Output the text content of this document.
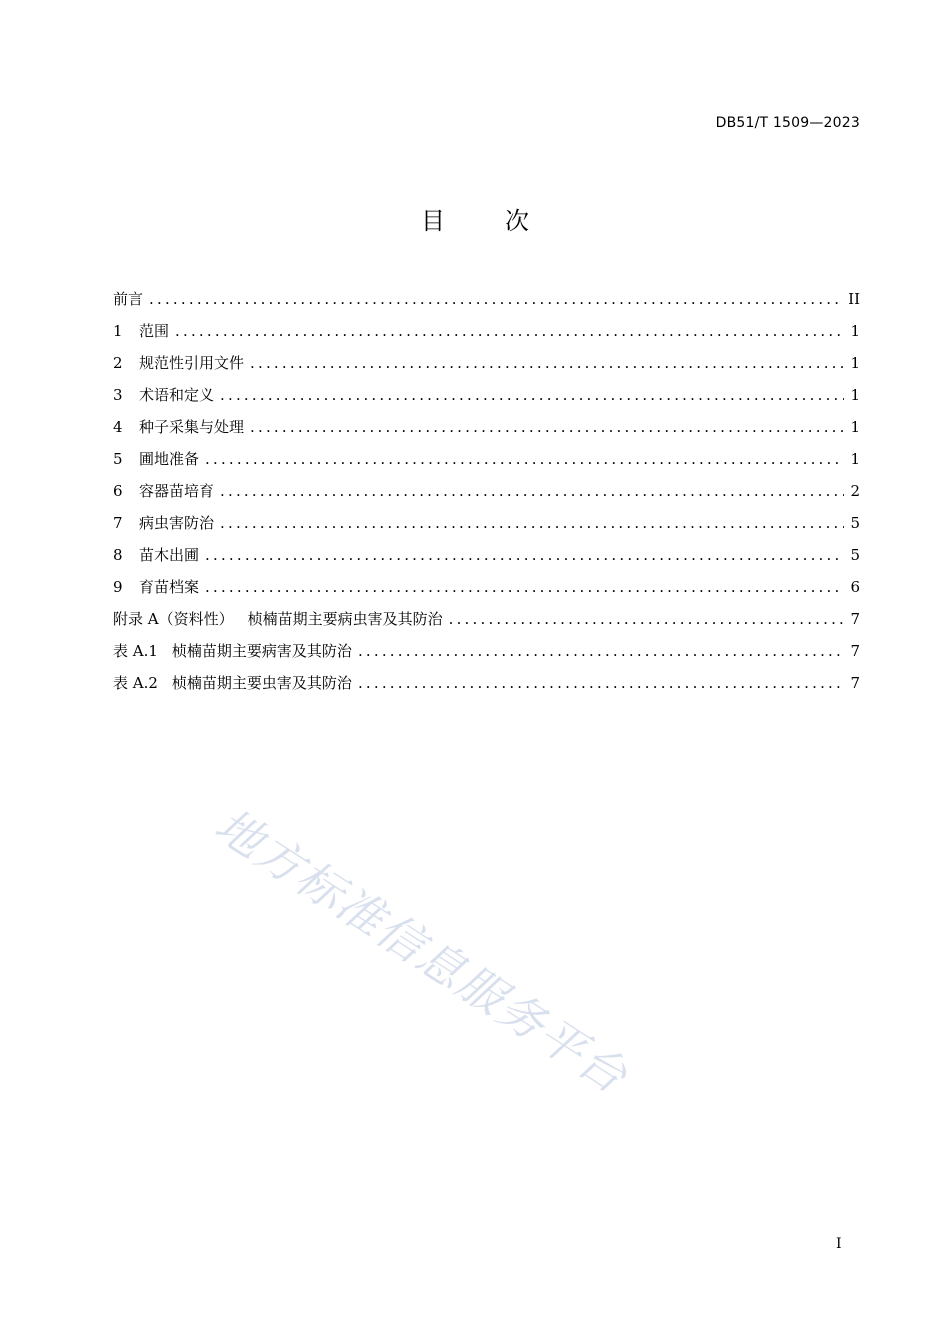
DB51/T 1509—2023
目	次
前言 .....	II
1	范围 .....	1
2	规范性引用文件 .....	1
3	术语和定义 .....	1
4	种子采集与处理 .....	1
5	圃地准备 .....	1
6	容器苗培育 .....	2
7	病虫害防治 .....	5
8	苗木出圃 .....	5
9	育苗档案 .....	6
附录 A（资料性） 桢楠苗期主要病虫害及其防治 .....	7
表 A.1 桢楠苗期主要病害及其防治 .....	7
表 A.2 桢楠苗期主要虫害及其防治 .....	7
地方标准信息服务平台
I
